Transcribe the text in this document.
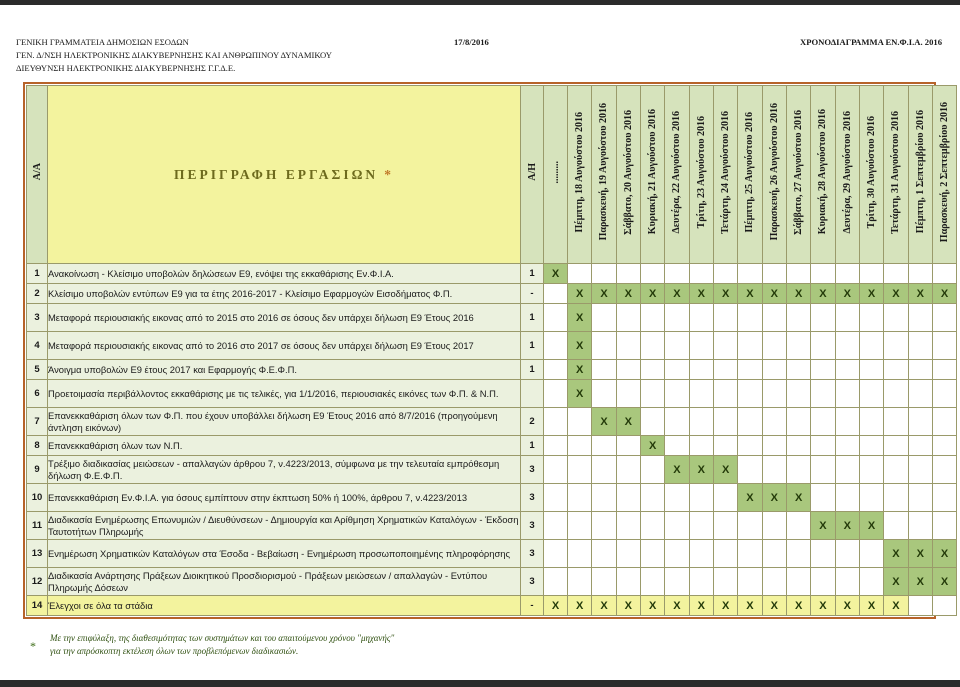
ΓΕΝΙΚΗ ΓΡΑΜΜΑΤΕΙΑ ΔΗΜΟΣΙΩΝ ΕΣΟΔΩΝ
ΓΕΝ. Δ/ΝΣΗ ΗΛΕΚΤΡΟΝΙΚΗΣ ΔΙΑΚΥΒΕΡΝΗΣΗΣ ΚΑΙ ΑΝΘΡΩΠΙΝΟΥ ΔΥΝΑΜΙΚΟΥ
ΔΙΕΥΘΥΝΣΗ ΗΛΕΚΤΡΟΝΙΚΗΣ ΔΙΑΚΥΒΕΡΝΗΣΗΣ Γ.Γ.Δ.Ε.
17/8/2016	ΧΡΟΝΟΔΙΑΓΡΑΜΜΑ ΕΝ.Φ.Ι.Α. 2016
Α/Α	ΠΕΡΙΓΡΑΦΗ ΕΡΓΑΣΙΩΝ *	Α/Η	.........	Πέμπτη, 18 Αυγούστου 2016	Παρασκευή, 19 Αυγούστου 2016	Σάββατο, 20 Αυγούστου 2016	Κυριακή, 21 Αυγούστου 2016	Δευτέρα, 22 Αυγούστου 2016	Τρίτη, 23 Αυγούστου 2016	Τετάρτη, 24 Αυγούστου 2016	Πέμπτη, 25 Αυγούστου 2016	Παρασκευή, 26 Αυγούστου 2016	Σάββατο, 27 Αυγούστου 2016	Κυριακή, 28 Αυγούστου 2016	Δευτέρα, 29 Αυγούστου 2016	Τρίτη, 30 Αυγούστου 2016	Τετάρτη, 31 Αυγούστου 2016	Πέμπτη, 1 Σεπτεμβρίου 2016	Παρασκευή, 2 Σεπτεμβρίου 2016
1	Ανακοίνωση - Κλείσιμο υποβολών δηλώσεων Ε9, ενόψει της εκκαθάρισης Εν.Φ.Ι.Α.	1	X																
2	Κλείσιμο υποβολών εντύπων Ε9 για τα έτης 2016-2017 - Κλείσιμο Εφαρμογών Εισοδήματος Φ.Π.	-		X	X	X	X	X	X	X	X	X	X	X	X	X	X	X	X
3	Μεταφορά περιουσιακής εικονας από το 2015 στο 2016 σε όσους δεν υπάρχει δήλωση Ε9 Έτους 2016	1		X															
4	Μεταφορά περιουσιακής εικονας από το 2016 στο 2017 σε όσους δεν υπάρχει δήλωση Ε9 Έτους 2017	1		X															
5	Άνοιγμα υποβολών Ε9 έτους 2017 και Εφαρμογής Φ.Ε.Φ.Π.	1		X															
6	Προετοιμασία περιβάλλοντος εκκαθάρισης με τις τελικές, για 1/1/2016, περιουσιακές εικόνες των Φ.Π. & Ν.Π.			X															
7	Επανεκκαθάριση όλων των Φ.Π. που έχουν υποβάλλει δήλωση Ε9 Έτους 2016 από 8/7/2016 (προηγούμενη άντληση εικόνων)	2			X	X													
8	Επανεκκαθάριση όλων των Ν.Π.	1					X												
9	Τρέξιμο διαδικασίας μειώσεων - απαλλαγών άρθρου 7, ν.4223/2013, σύμφωνα με την τελευταία εμπρόθεσμη δήλωση Φ.Ε.Φ.Π.	3						X	X	X									
10	Επανεκκαθάριση Εν.Φ.Ι.Α. για όσους εμπίπτουν στην έκπτωση 50% ή 100%, άρθρου 7, ν.4223/2013	3									X	X	X						
11	Διαδικασία Ενημέρωσης Επωνυμιών / Διευθύνσεων - Δημιουργία και Αρίθμηση Χρηματικών Καταλόγων - Έκδοση Ταυτοτήτων Πληρωμής	3												X	X	X			
13	Ενημέρωση Χρηματικών Καταλόγων στα Έσοδα - Βεβαίωση - Ενημέρωση προσωποποιημένης πληροφόρησης	3															X	X	X
12	Διαδικασία Ανάρτησης Πράξεων Διοικητικού Προσδιορισμού - Πράξεων μειώσεων / απαλλαγών - Εντύπου Πληρωμής Δόσεων	3															X	X	X
14	Έλεγχοι σε όλα τα στάδια	-	X	X	X	X	X	X	X	X	X	X	X	X	X	X	X		
*
Με την επιφύλαξη, της διαθεσιμότητας των συστημάτων και του απαιτούμενου χρόνου "μηχανής"
για την απρόσκοπτη εκτέλεση όλων των προβλεπόμενων διαδικασιών.
